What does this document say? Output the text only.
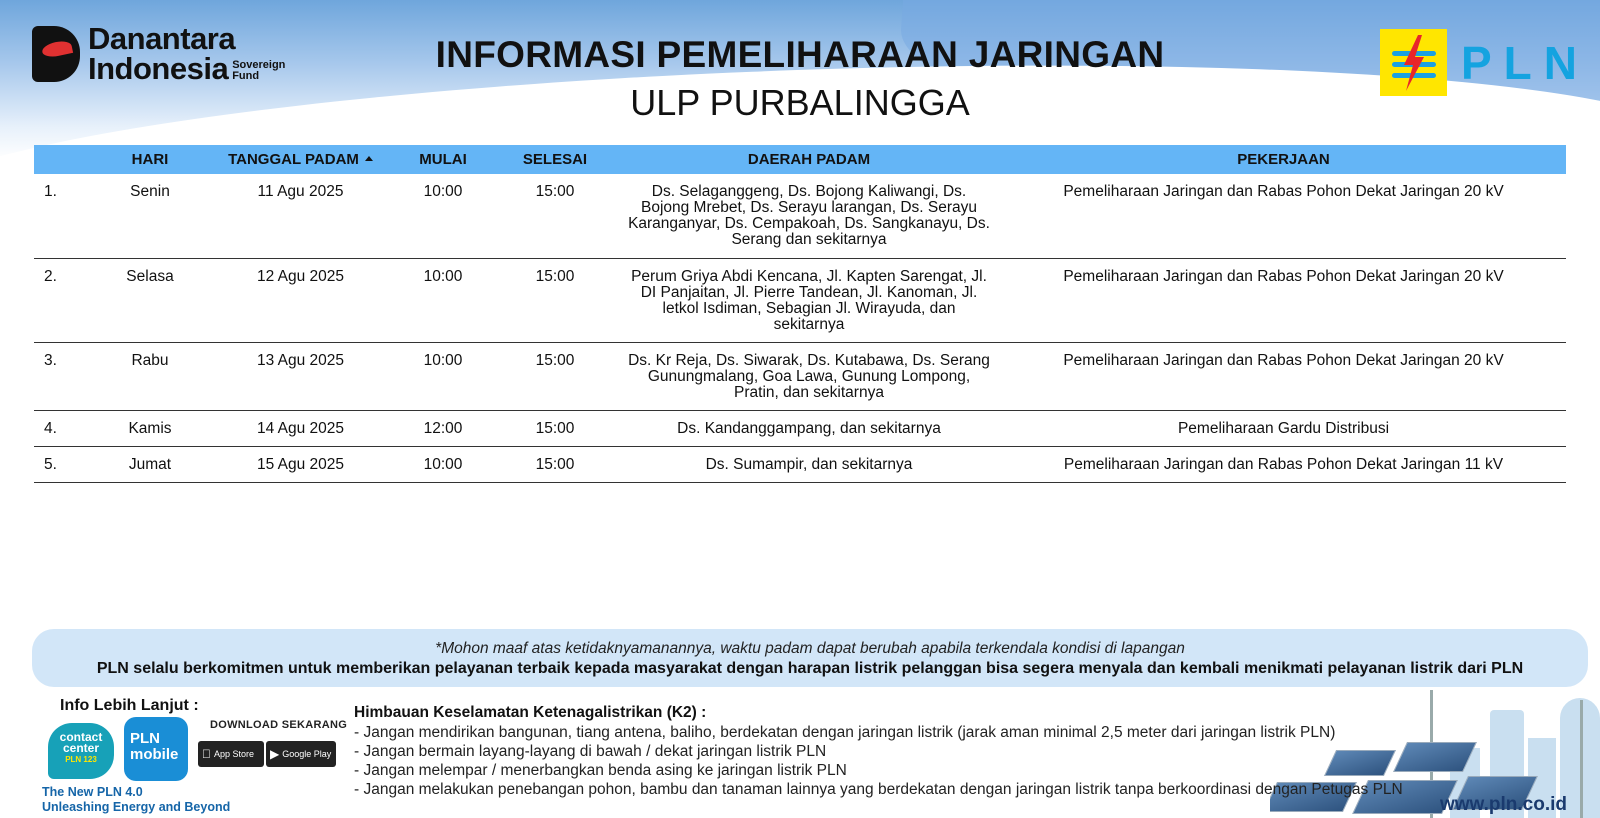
Danantara
Indonesia Sovereign
Fund
INFORMASI PEMELIHARAAN JARINGAN
ULP PURBALINGGA
PLN
	HARI	TANGGAL PADAM	MULAI	SELESAI	DAERAH PADAM	PEKERJAAN
1.	Senin	11 Agu 2025	10:00	15:00	Ds. Selaganggeng, Ds. Bojong Kaliwangi, Ds.
Bojong Mrebet, Ds. Serayu larangan, Ds. Serayu
Karanganyar, Ds. Cempakoah, Ds. Sangkanayu, Ds.
Serang dan sekitarnya	Pemeliharaan Jaringan dan Rabas Pohon Dekat Jaringan 20 kV
2.	Selasa	12 Agu 2025	10:00	15:00	Perum Griya Abdi Kencana, Jl. Kapten Sarengat, Jl.
DI Panjaitan, Jl. Pierre Tandean, Jl. Kanoman, Jl.
letkol Isdiman, Sebagian Jl. Wirayuda, dan
sekitarnya	Pemeliharaan Jaringan dan Rabas Pohon Dekat Jaringan 20 kV
3.	Rabu	13 Agu 2025	10:00	15:00	Ds. Kr Reja, Ds. Siwarak, Ds. Kutabawa, Ds. Serang
Gunungmalang, Goa Lawa, Gunung Lompong,
Pratin, dan sekitarnya	Pemeliharaan Jaringan dan Rabas Pohon Dekat Jaringan 20 kV
4.	Kamis	14 Agu 2025	12:00	15:00	Ds. Kandanggampang, dan sekitarnya	Pemeliharaan Gardu Distribusi
5.	Jumat	15 Agu 2025	10:00	15:00	Ds. Sumampir, dan sekitarnya	Pemeliharaan Jaringan dan Rabas Pohon Dekat Jaringan 11 kV
*Mohon maaf atas ketidaknyamanannya, waktu padam dapat berubah apabila terkendala kondisi di lapangan
PLN selalu berkomitmen untuk memberikan pelayanan terbaik kepada masyarakat dengan harapan listrik pelanggan bisa segera menyala dan kembali menikmati pelayanan listrik dari PLN
Info Lebih Lanjut :
contact
center
PLN 123
PLN
mobile
DOWNLOAD SEKARANG
App Store ▶ Google Play
The New PLN 4.0
Unleashing Energy and Beyond
Himbauan Keselamatan Ketenagalistrikan (K2) :
- Jangan mendirikan bangunan, tiang antena, baliho, berdekatan dengan jaringan listrik (jarak aman minimal 2,5 meter dari jaringan listrik PLN)
- Jangan bermain layang-layang di bawah / dekat jaringan listrik PLN
- Jangan melempar / menerbangkan benda asing ke jaringan listrik PLN
- Jangan melakukan penebangan pohon, bambu dan tanaman lainnya yang berdekatan dengan jaringan listrik tanpa berkoordinasi dengan Petugas PLN
www.pln.co.id
